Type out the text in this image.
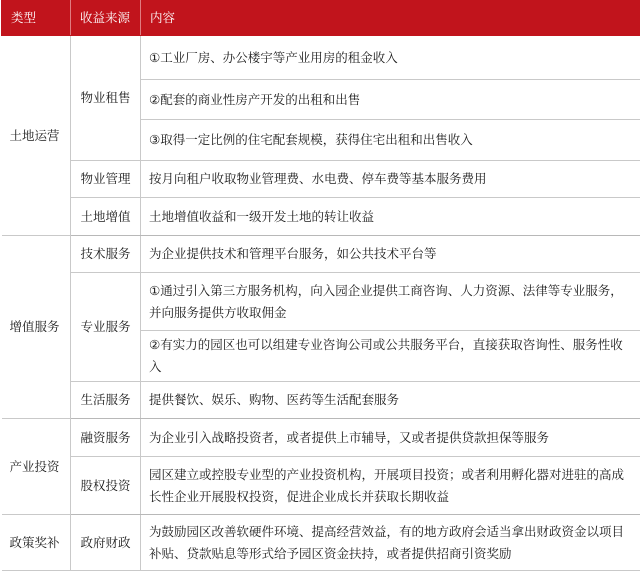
类型	收益来源	内容
土地运营	物业租售	①工业厂房、办公楼宇等产业用房的租金收入
		②配套的商业性房产开发的出租和出售
		③取得一定比例的住宅配套规模，获得住宅出租和出售收入
	物业管理	按月向租户收取物业管理费、水电费、停车费等基本服务费用
	土地增值	土地增值收益和一级开发土地的转让收益
增值服务	技术服务	为企业提供技术和管理平台服务，如公共技术平台等
	专业服务	①通过引入第三方服务机构，向入园企业提供工商咨询、人力资源、法律等专业服务，并向服务提供方收取佣金
		②有实力的园区也可以组建专业咨询公司或公共服务平台，直接获取咨询性、服务性收入
	生活服务	提供餐饮、娱乐、购物、医药等生活配套服务
产业投资	融资服务	为企业引入战略投资者，或者提供上市辅导，又或者提供贷款担保等服务
	股权投资	园区建立或控股专业型的产业投资机构，开展项目投资；或者利用孵化器对进驻的高成长性企业开展股权投资，促进企业成长并获取长期收益
政策奖补	政府财政	为鼓励园区改善软硬件环境、提高经营效益，有的地方政府会适当拿出财政资金以项目补贴、贷款贴息等形式给予园区资金扶持，或者提供招商引资奖励
